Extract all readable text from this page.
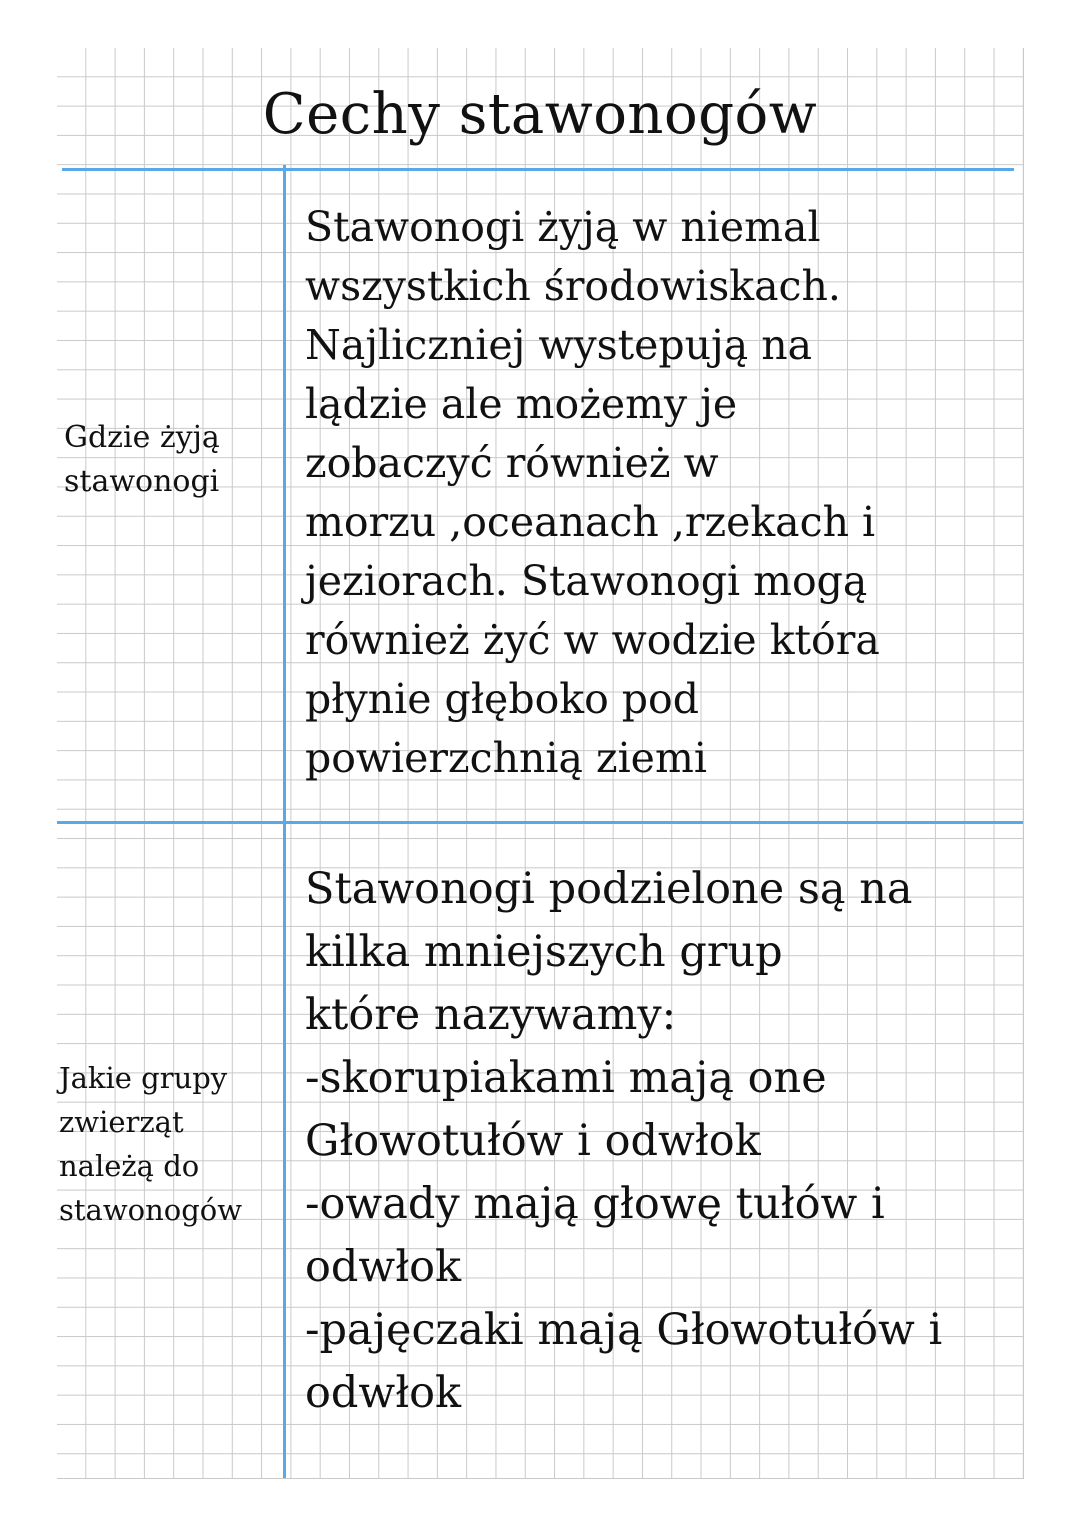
Cechy stawonogów
Gdzie żyją
stawonogi
Stawonogi żyją w niemal
wszystkich środowiskach.
Najliczniej wystepują na
lądzie ale możemy je
zobaczyć również w
morzu ,oceanach ,rzekach i
jeziorach. Stawonogi mogą
również żyć w wodzie która
płynie głęboko pod
powierzchnią ziemi
Jakie grupy
zwierząt
należą do
stawonogów
Stawonogi podzielone są na
kilka mniejszych grup
które nazywamy:
-skorupiakami mają one
Głowotułów i odwłok
-owady mają głowę tułów i
odwłok
-pajęczaki mają Głowotułów i
odwłok
